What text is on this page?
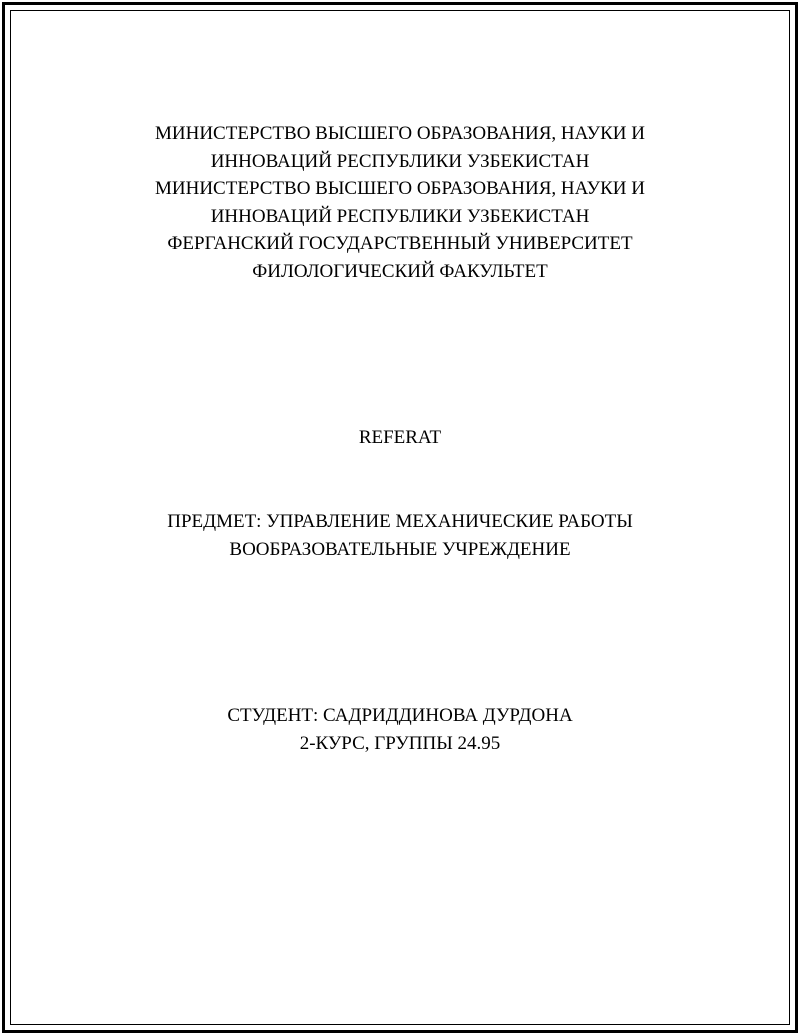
МИНИСТЕРСТВО ВЫСШЕГО ОБРАЗОВАНИЯ, НАУКИ И
ИННОВАЦИЙ РЕСПУБЛИКИ УЗБЕКИСТАН
МИНИСТЕРСТВО ВЫСШЕГО ОБРАЗОВАНИЯ, НАУКИ И
ИННОВАЦИЙ РЕСПУБЛИКИ УЗБЕКИСТАН
ФЕРГАНСКИЙ ГОСУДАРСТВЕННЫЙ УНИВЕРСИТЕТ
ФИЛОЛОГИЧЕСКИЙ ФАКУЛЬТЕТ
REFERAT
ПРЕДМЕТ: УПРАВЛЕНИЕ МЕХАНИЧЕСКИЕ РАБОТЫ
ВООБРАЗОВАТЕЛЬНЫЕ УЧРЕЖДЕНИЕ
СТУДЕНТ: САДРИДДИНОВА ДУРДОНА
2-КУРС, ГРУППЫ 24.95
